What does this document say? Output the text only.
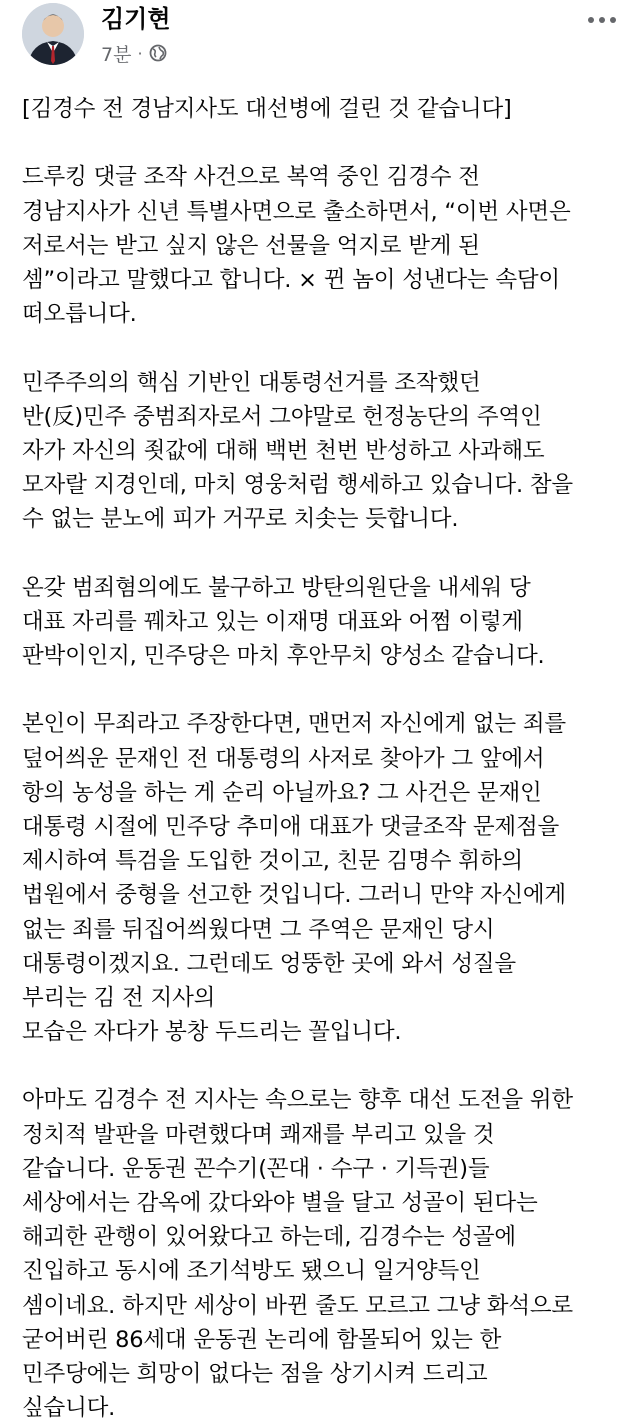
김기현
7분 ·
[김경수 전 경남지사도 대선병에 걸린 것 같습니다]
드루킹 댓글 조작 사건으로 복역 중인 김경수 전
경남지사가 신년 특별사면으로 출소하면서, “이번 사면은
저로서는 받고 싶지 않은 선물을 억지로 받게 된
셈”이라고 말했다고 합니다. × 뀐 놈이 성낸다는 속담이
떠오릅니다.
민주주의의 핵심 기반인 대통령선거를 조작했던
반(反)민주 중범죄자로서 그야말로 헌정농단의 주역인
자가 자신의 죗값에 대해 백번 천번 반성하고 사과해도
모자랄 지경인데, 마치 영웅처럼 행세하고 있습니다. 참을
수 없는 분노에 피가 거꾸로 치솟는 듯합니다.
온갖 범죄혐의에도 불구하고 방탄의원단을 내세워 당
대표 자리를 꿰차고 있는 이재명 대표와 어쩜 이렇게
판박이인지, 민주당은 마치 후안무치 양성소 같습니다.
본인이 무죄라고 주장한다면, 맨먼저 자신에게 없는 죄를
덮어씌운 문재인 전 대통령의 사저로 찾아가 그 앞에서
항의 농성을 하는 게 순리 아닐까요? 그 사건은 문재인
대통령 시절에 민주당 추미애 대표가 댓글조작 문제점을
제시하여 특검을 도입한 것이고, 친문 김명수 휘하의
법원에서 중형을 선고한 것입니다. 그러니 만약 자신에게
없는 죄를 뒤집어씌웠다면 그 주역은 문재인 당시
대통령이겠지요. 그런데도 엉뚱한 곳에 와서 성질을
부리는 김 전 지사의
모습은 자다가 봉창 두드리는 꼴입니다.
아마도 김경수 전 지사는 속으로는 향후 대선 도전을 위한
정치적 발판을 마련했다며 쾌재를 부리고 있을 것
같습니다. 운동권 꼰수기(꼰대 · 수구 · 기득권)들
세상에서는 감옥에 갔다와야 별을 달고 성골이 된다는
해괴한 관행이 있어왔다고 하는데, 김경수는 성골에
진입하고 동시에 조기석방도 됐으니 일거양득인
셈이네요. 하지만 세상이 바뀐 줄도 모르고 그냥 화석으로
굳어버린 86세대 운동권 논리에 함몰되어 있는 한
민주당에는 희망이 없다는 점을 상기시켜 드리고
싶습니다.
